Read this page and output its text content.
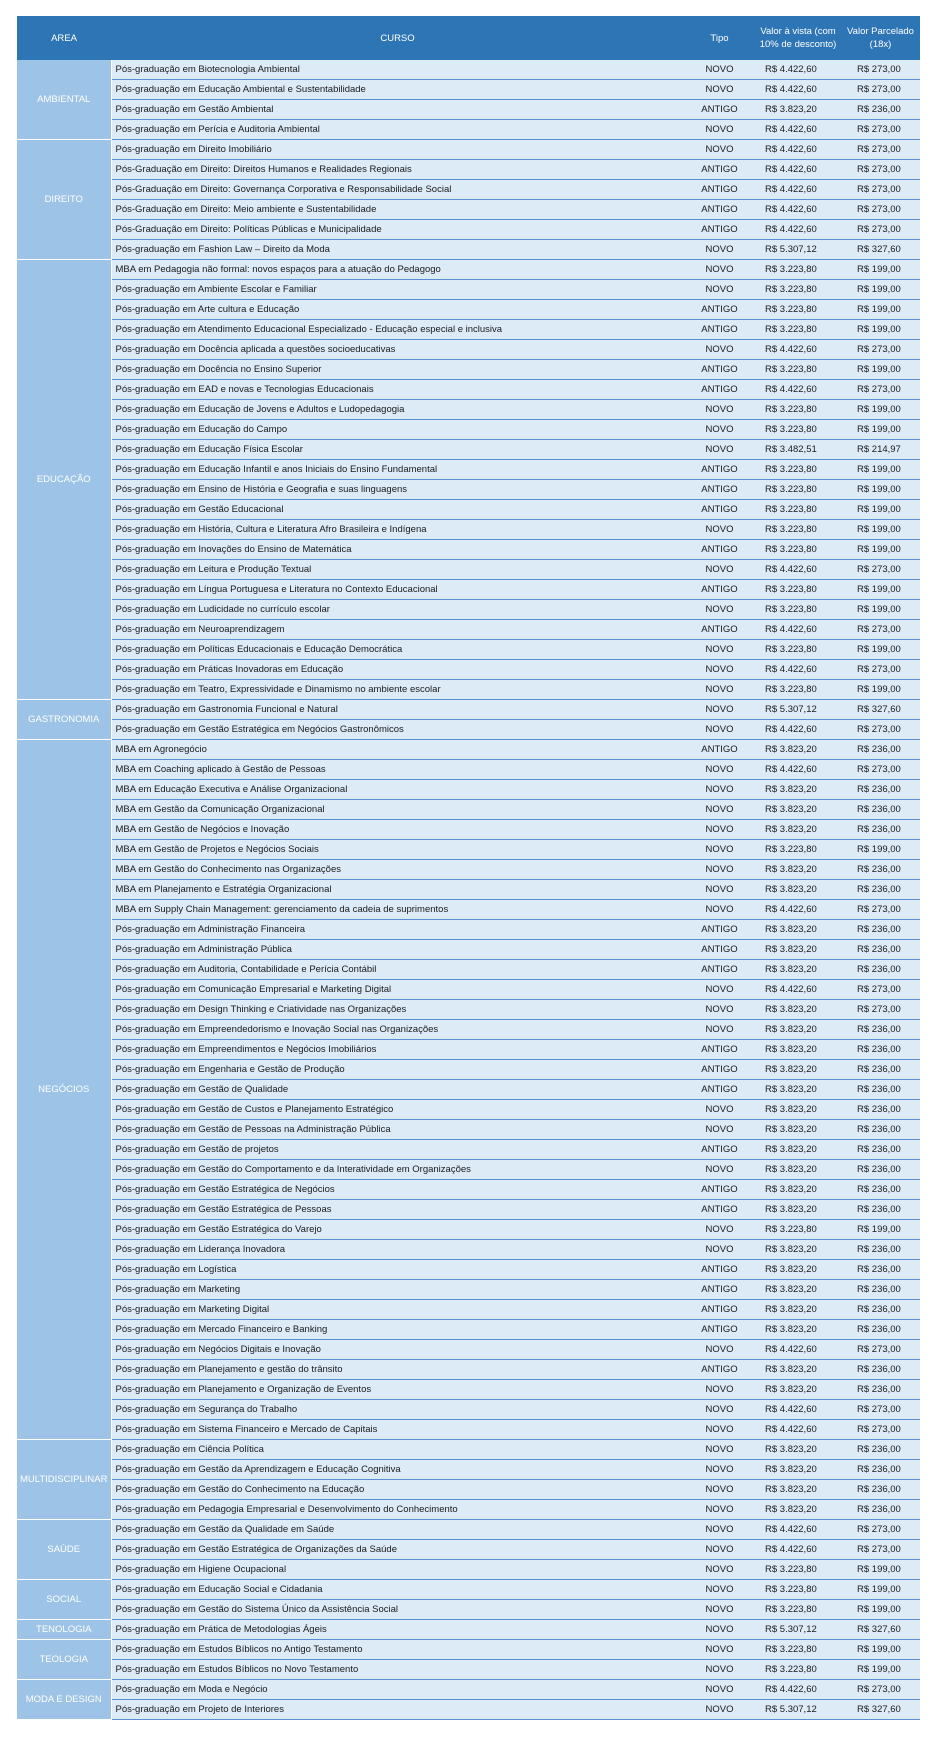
AREA	CURSO	Tipo	Valor à vista (com 10% de desconto)	Valor Parcelado (18x)
AMBIENTAL	Pós-graduação em Biotecnologia Ambiental	NOVO	R$ 4.422,60	R$ 273,00
	Pós-graduação em Educação Ambiental e Sustentabilidade	NOVO	R$ 4.422,60	R$ 273,00
	Pós-graduação em Gestão Ambiental	ANTIGO	R$ 3.823,20	R$ 236,00
	Pós-graduação em Perícia e Auditoria Ambiental	NOVO	R$ 4.422,60	R$ 273,00
DIREITO	Pós-graduação em Direito Imobiliário	NOVO	R$ 4.422,60	R$ 273,00
	Pós-Graduação em Direito: Direitos Humanos e Realidades Regionais	ANTIGO	R$ 4.422,60	R$ 273,00
	Pós-Graduação em Direito: Governança Corporativa e Responsabilidade Social	ANTIGO	R$ 4.422,60	R$ 273,00
	Pós-Graduação em Direito: Meio ambiente e Sustentabilidade	ANTIGO	R$ 4.422,60	R$ 273,00
	Pós-Graduação em Direito: Políticas Públicas e Municipalidade	ANTIGO	R$ 4.422,60	R$ 273,00
	Pós-graduação em Fashion Law – Direito da Moda	NOVO	R$ 5.307,12	R$ 327,60
EDUCAÇÃO	MBA em Pedagogia não formal: novos espaços para a atuação do Pedagogo	NOVO	R$ 3.223,80	R$ 199,00
	Pós-graduação em Ambiente Escolar e Familiar	NOVO	R$ 3.223,80	R$ 199,00
	Pós-graduação em Arte cultura e Educação	ANTIGO	R$ 3.223,80	R$ 199,00
	Pós-graduação em Atendimento Educacional Especializado - Educação especial e inclusiva	ANTIGO	R$ 3.223,80	R$ 199,00
	Pós-graduação em Docência aplicada a questões socioeducativas	NOVO	R$ 4.422,60	R$ 273,00
	Pós-graduação em Docência no Ensino Superior	ANTIGO	R$ 3.223,80	R$ 199,00
	Pós-graduação em EAD e novas e Tecnologias Educacionais	ANTIGO	R$ 4.422,60	R$ 273,00
	Pós-graduação em Educação de Jovens e Adultos e Ludopedagogia	NOVO	R$ 3.223,80	R$ 199,00
	Pós-graduação em Educação do Campo	NOVO	R$ 3.223,80	R$ 199,00
	Pós-graduação em Educação Física Escolar	NOVO	R$ 3.482,51	R$ 214,97
	Pós-graduação em Educação Infantil e anos Iniciais do Ensino Fundamental	ANTIGO	R$ 3.223,80	R$ 199,00
	Pós-graduação em Ensino de História e Geografia e suas linguagens	ANTIGO	R$ 3.223,80	R$ 199,00
	Pós-graduação em Gestão Educacional	ANTIGO	R$ 3.223,80	R$ 199,00
	Pós-graduação em História, Cultura e Literatura Afro Brasileira e Indígena	NOVO	R$ 3.223,80	R$ 199,00
	Pós-graduação em Inovações do Ensino de Matemática	ANTIGO	R$ 3.223,80	R$ 199,00
	Pós-graduação em Leitura e Produção Textual	NOVO	R$ 4.422,60	R$ 273,00
	Pós-graduação em Língua Portuguesa e Literatura no Contexto Educacional	ANTIGO	R$ 3.223,80	R$ 199,00
	Pós-graduação em Ludicidade no currículo escolar	NOVO	R$ 3.223,80	R$ 199,00
	Pós-graduação em Neuroaprendizagem	ANTIGO	R$ 4.422,60	R$ 273,00
	Pós-graduação em Políticas Educacionais e Educação Democrática	NOVO	R$ 3.223,80	R$ 199,00
	Pós-graduação em Práticas Inovadoras em Educação	NOVO	R$ 4.422,60	R$ 273,00
	Pós-graduação em Teatro, Expressividade e Dinamismo no ambiente escolar	NOVO	R$ 3.223,80	R$ 199,00
GASTRONOMIA	Pós-graduação em Gastronomia Funcional e Natural	NOVO	R$ 5.307,12	R$ 327,60
	Pós-graduação em Gestão Estratégica em Negócios Gastronômicos	NOVO	R$ 4.422,60	R$ 273,00
NEGÓCIOS	MBA em Agronegócio	ANTIGO	R$ 3.823,20	R$ 236,00
	MBA em Coaching aplicado à Gestão de Pessoas	NOVO	R$ 4.422,60	R$ 273,00
	MBA em Educação Executiva e Análise Organizacional	NOVO	R$ 3.823,20	R$ 236,00
	MBA em Gestão da Comunicação Organizacional	NOVO	R$ 3.823,20	R$ 236,00
	MBA em Gestão de Negócios e Inovação	NOVO	R$ 3.823,20	R$ 236,00
	MBA em Gestão de Projetos e Negócios Sociais	NOVO	R$ 3.223,80	R$ 199,00
	MBA em Gestão do Conhecimento nas Organizações	NOVO	R$ 3.823,20	R$ 236,00
	MBA em Planejamento e Estratégia Organizacional	NOVO	R$ 3.823,20	R$ 236,00
	MBA em Supply Chain Management: gerenciamento da cadeia de suprimentos	NOVO	R$ 4.422,60	R$ 273,00
	Pós-graduação em Administração Financeira	ANTIGO	R$ 3.823,20	R$ 236,00
	Pós-graduação em Administração Pública	ANTIGO	R$ 3.823,20	R$ 236,00
	Pós-graduação em Auditoria, Contabilidade e Perícia Contábil	ANTIGO	R$ 3.823,20	R$ 236,00
	Pós-graduação em Comunicação Empresarial e Marketing Digital	NOVO	R$ 4.422,60	R$ 273,00
	Pós-graduação em Design Thinking e Criatividade nas Organizações	NOVO	R$ 3.823,20	R$ 273,00
	Pós-graduação em Empreendedorismo e Inovação Social nas Organizações	NOVO	R$ 3.823,20	R$ 236,00
	Pós-graduação em Empreendimentos e Negócios Imobiliários	ANTIGO	R$ 3.823,20	R$ 236,00
	Pós-graduação em Engenharia e Gestão de Produção	ANTIGO	R$ 3.823,20	R$ 236,00
	Pós-graduação em Gestão de Qualidade	ANTIGO	R$ 3.823,20	R$ 236,00
	Pós-graduação em Gestão de Custos e Planejamento Estratégico	NOVO	R$ 3.823,20	R$ 236,00
	Pós-graduação em Gestão de Pessoas na Administração Pública	NOVO	R$ 3.823,20	R$ 236,00
	Pós-graduação em Gestão de projetos	ANTIGO	R$ 3.823,20	R$ 236,00
	Pós-graduação em Gestão do Comportamento e da Interatividade em Organizações	NOVO	R$ 3.823,20	R$ 236,00
	Pós-graduação em Gestão Estratégica de Negócios	ANTIGO	R$ 3.823,20	R$ 236,00
	Pós-graduação em Gestão Estratégica de Pessoas	ANTIGO	R$ 3.823,20	R$ 236,00
	Pós-graduação em Gestão Estratégica do Varejo	NOVO	R$ 3.223,80	R$ 199,00
	Pós-graduação em Liderança Inovadora	NOVO	R$ 3.823,20	R$ 236,00
	Pós-graduação em Logística	ANTIGO	R$ 3.823,20	R$ 236,00
	Pós-graduação em Marketing	ANTIGO	R$ 3.823,20	R$ 236,00
	Pós-graduação em Marketing Digital	ANTIGO	R$ 3.823,20	R$ 236,00
	Pós-graduação em Mercado Financeiro e Banking	ANTIGO	R$ 3.823,20	R$ 236,00
	Pós-graduação em Negócios Digitais e Inovação	NOVO	R$ 4.422,60	R$ 273,00
	Pós-graduação em Planejamento e gestão do trânsito	ANTIGO	R$ 3.823,20	R$ 236,00
	Pós-graduação em Planejamento e Organização de Eventos	NOVO	R$ 3.823,20	R$ 236,00
	Pós-graduação em Segurança do Trabalho	NOVO	R$ 4.422,60	R$ 273,00
	Pós-graduação em Sistema Financeiro e Mercado de Capitais	NOVO	R$ 4.422,60	R$ 273,00
MULTIDISCIPLINAR	Pós-graduação em Ciência Política	NOVO	R$ 3.823,20	R$ 236,00
	Pós-graduação em Gestão da Aprendizagem e Educação Cognitiva	NOVO	R$ 3.823,20	R$ 236,00
	Pós-graduação em Gestão do Conhecimento na Educação	NOVO	R$ 3.823,20	R$ 236,00
	Pós-graduação em Pedagogia Empresarial e Desenvolvimento do Conhecimento	NOVO	R$ 3.823,20	R$ 236,00
SAÚDE	Pós-graduação em Gestão da Qualidade em Saúde	NOVO	R$ 4.422,60	R$ 273,00
	Pós-graduação em Gestão Estratégica de Organizações da Saúde	NOVO	R$ 4.422,60	R$ 273,00
	Pós-graduação em Higiene Ocupacional	NOVO	R$ 3.223,80	R$ 199,00
SOCIAL	Pós-graduação em Educação Social e Cidadania	NOVO	R$ 3.223,80	R$ 199,00
	Pós-graduação em Gestão do Sistema Único da Assistência Social	NOVO	R$ 3.223,80	R$ 199,00
TENOLOGIA	Pós-graduação em Prática de Metodologias Ágeis	NOVO	R$ 5.307,12	R$ 327,60
TEOLOGIA	Pós-graduação em Estudos Bíblicos no Antigo Testamento	NOVO	R$ 3.223,80	R$ 199,00
	Pós-graduação em Estudos Bíblicos no Novo Testamento	NOVO	R$ 3.223,80	R$ 199,00
MODA E DESIGN	Pós-graduação em Moda e Negócio	NOVO	R$ 4.422,60	R$ 273,00
	Pós-graduação em Projeto de Interiores	NOVO	R$ 5.307,12	R$ 327,60
